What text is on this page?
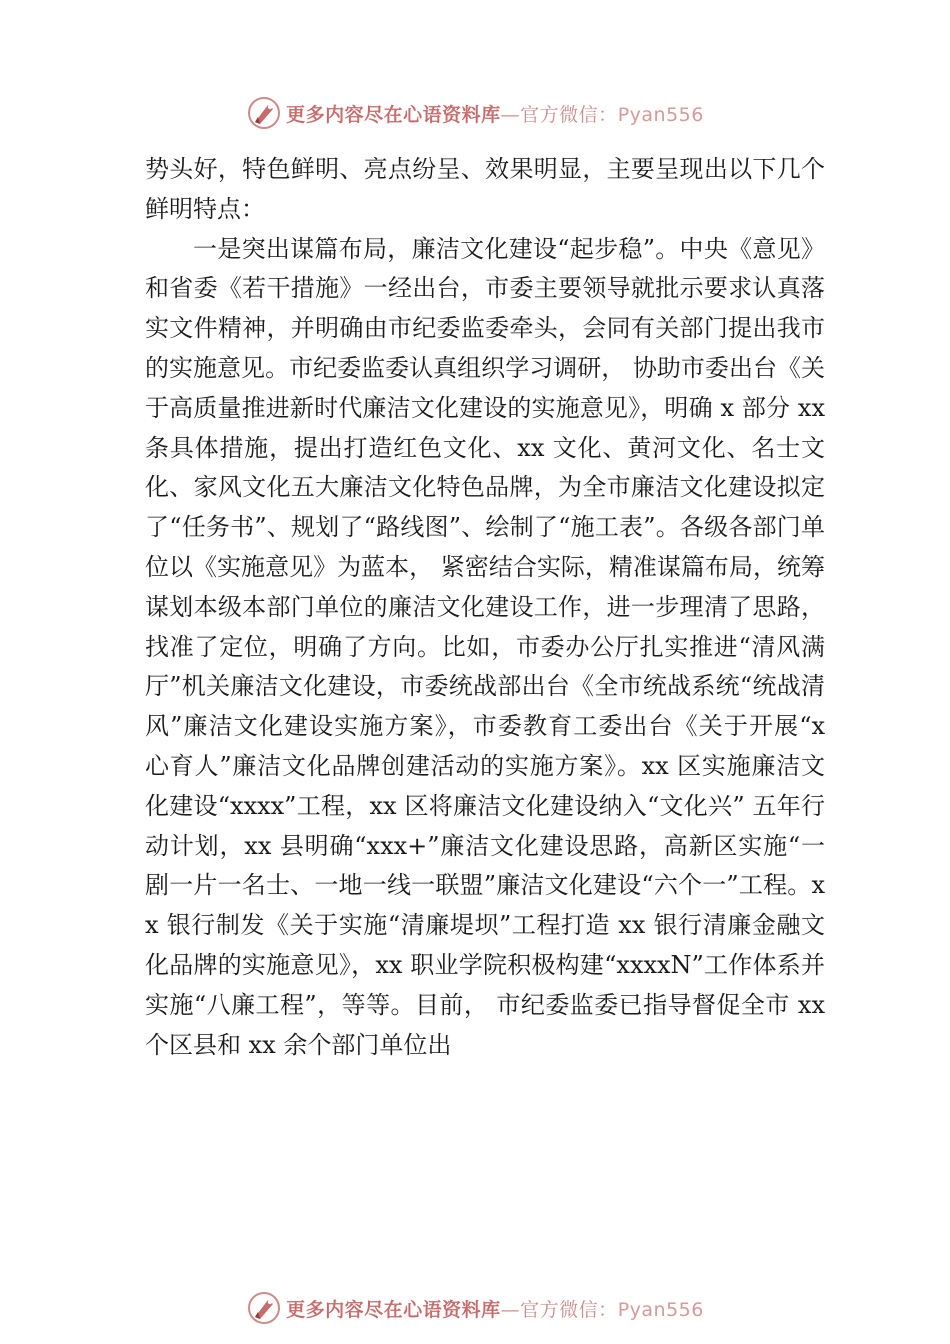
更多内容尽在心语资料库—官方微信：Pyan556

势头好，特色鲜明、亮点纷呈、效果明显，主要呈现出以下几个鲜明特点：

一是突出谋篇布局，廉洁文化建设“起步稳”。中央《意见》和省委《若干措施》一经出台，市委主要领导就批示要求认真落实文件精神，并明确由市纪委监委牵头，会同有关部门提出我市的实施意见。市纪委监委认真组织学习调研， 协助市委出台《关于高质量推进新时代廉洁文化建设的实施意见》，明确 x 部分 xx 条具体措施，提出打造红色文化、xx 文化、黄河文化、名士文化、家风文化五大廉洁文化特色品牌，为全市廉洁文化建设拟定了“任务书”、规划了“路线图”、绘制了“施工表”。各级各部门单位以《实施意见》为蓝本， 紧密结合实际，精准谋篇布局，统筹谋划本级本部门单位的廉洁文化建设工作，进一步理清了思路，找准了定位，明确了方向。比如，市委办公厅扎实推进“清风满厅”机关廉洁文化建设，市委统战部出台《全市统战系统“统战清风”廉洁文化建设实施方案》，市委教育工委出台《关于开展“x 心育人”廉洁文化品牌创建活动的实施方案》。xx 区实施廉洁文化建设“xxxx”工程，xx 区将廉洁文化建设纳入“文化兴” 五年行动计划，xx 县明确“xxx+”廉洁文化建设思路，高新区实施“一剧一片一名士、一地一线一联盟”廉洁文化建设“六个一”工程。xx 银行制发《关于实施“清廉堤坝”工程打造 xx 银行清廉金融文化品牌的实施意见》，xx 职业学院积极构建“xxxxN”工作体系并实施“八廉工程”，等等。目前， 市纪委监委已指导督促全市 xx 个区县和 xx 余个部门单位出

更多内容尽在心语资料库—官方微信：Pyan556
